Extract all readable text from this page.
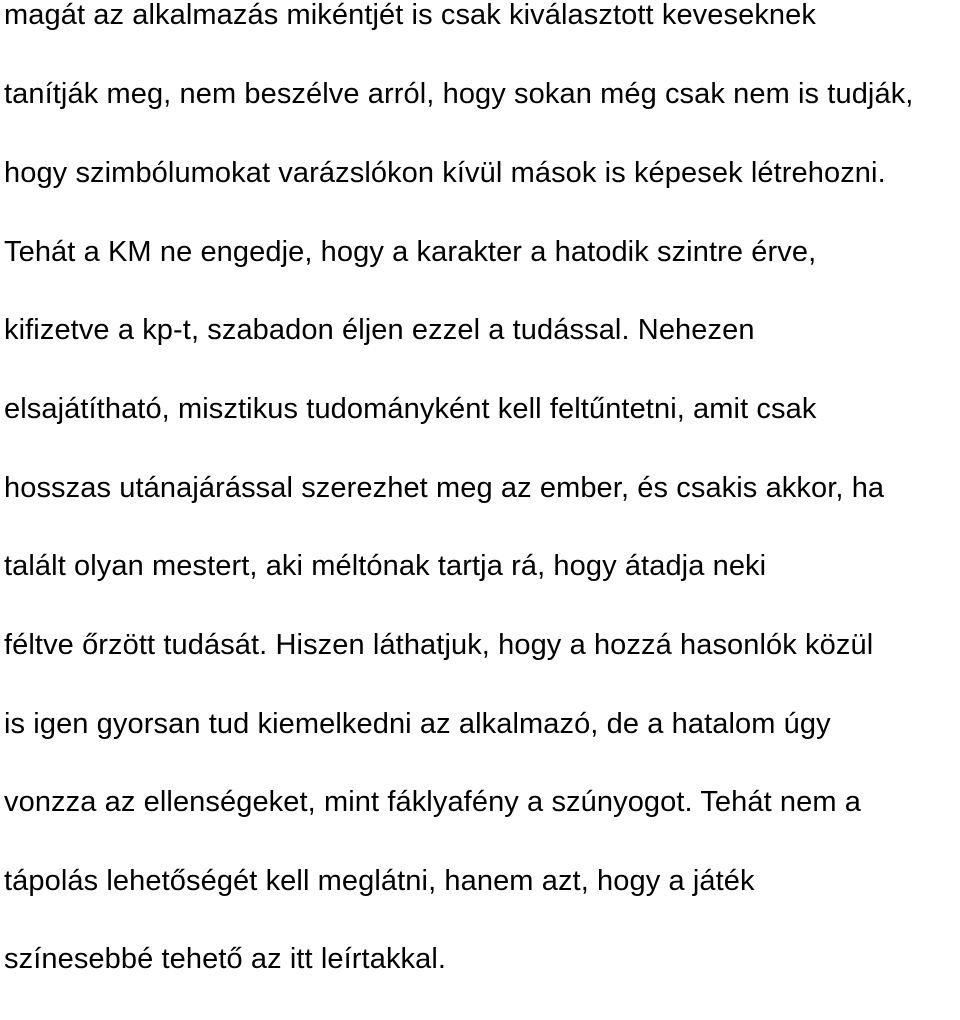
magát az alkalmazás mikéntjét is csak kiválasztott keveseknek
tanítják meg, nem beszélve arról, hogy sokan még csak nem is tudják,
hogy szimbólumokat varázslókon kívül mások is képesek létrehozni.
Tehát a KM ne engedje, hogy a karakter a hatodik szintre érve,
kifizetve a kp-t, szabadon éljen ezzel a tudással. Nehezen
elsajátítható, misztikus tudományként kell feltűntetni, amit csak
hosszas utánajárással szerezhet meg az ember, és csakis akkor, ha
talált olyan mestert, aki méltónak tartja rá, hogy átadja neki
féltve őrzött tudását. Hiszen láthatjuk, hogy a hozzá hasonlók közül
is igen gyorsan tud kiemelkedni az alkalmazó, de a hatalom úgy
vonzza az ellenségeket, mint fáklyafény a szúnyogot. Tehát nem a
tápolás lehetőségét kell meglátni, hanem azt, hogy a játék
színesebbé tehető az itt leírtakkal.
